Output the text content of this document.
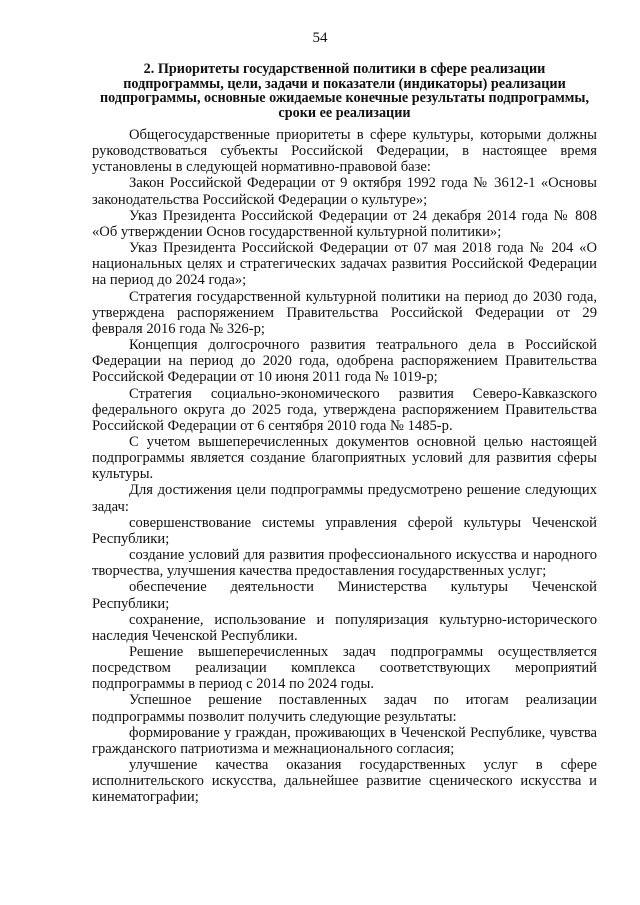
54
2. Приоритеты государственной политики в сфере реализации подпрограммы, цели, задачи и показатели (индикаторы) реализации подпрограммы, основные ожидаемые конечные результаты подпрограммы, сроки ее реализации

Общегосударственные приоритеты в сфере культуры, которыми должны руководствоваться субъекты Российской Федерации, в настоящее время установлены в следующей нормативно-правовой базе:

Закон Российской Федерации от 9 октября 1992 года № 3612-1 «Основы законодательства Российской Федерации о культуре»;

Указ Президента Российской Федерации от 24 декабря 2014 года № 808 «Об утверждении Основ государственной культурной политики»;

Указ Президента Российской Федерации от 07 мая 2018 года № 204 «О национальных целях и стратегических задачах развития Российской Федерации на период до 2024 года»;

Стратегия государственной культурной политики на период до 2030 года, утверждена распоряжением Правительства Российской Федерации от 29 февраля 2016 года № 326-р;

Концепция долгосрочного развития театрального дела в Российской Федерации на период до 2020 года, одобрена распоряжением Правительства Российской Федерации от 10 июня 2011 года № 1019-р;

Стратегия социально-экономического развития Северо-Кавказского федерального округа до 2025 года, утверждена распоряжением Правительства Российской Федерации от 6 сентября 2010 года № 1485-р.

С учетом вышеперечисленных документов основной целью настоящей подпрограммы является создание благоприятных условий для развития сферы культуры.

Для достижения цели подпрограммы предусмотрено решение следующих задач:

совершенствование системы управления сферой культуры Чеченской Республики;

создание условий для развития профессионального искусства и народного творчества, улучшения качества предоставления государственных услуг;

обеспечение деятельности Министерства культуры Чеченской Республики;

сохранение, использование и популяризация культурно-исторического наследия Чеченской Республики.

Решение вышеперечисленных задач подпрограммы осуществляется посредством реализации комплекса соответствующих мероприятий подпрограммы в период с 2014 по 2024 годы.

Успешное решение поставленных задач по итогам реализации подпрограммы позволит получить следующие результаты:

формирование у граждан, проживающих в Чеченской Республике, чувства гражданского патриотизма и межнационального согласия;

улучшение качества оказания государственных услуг в сфере исполнительского искусства, дальнейшее развитие сценического искусства и кинематографии;
